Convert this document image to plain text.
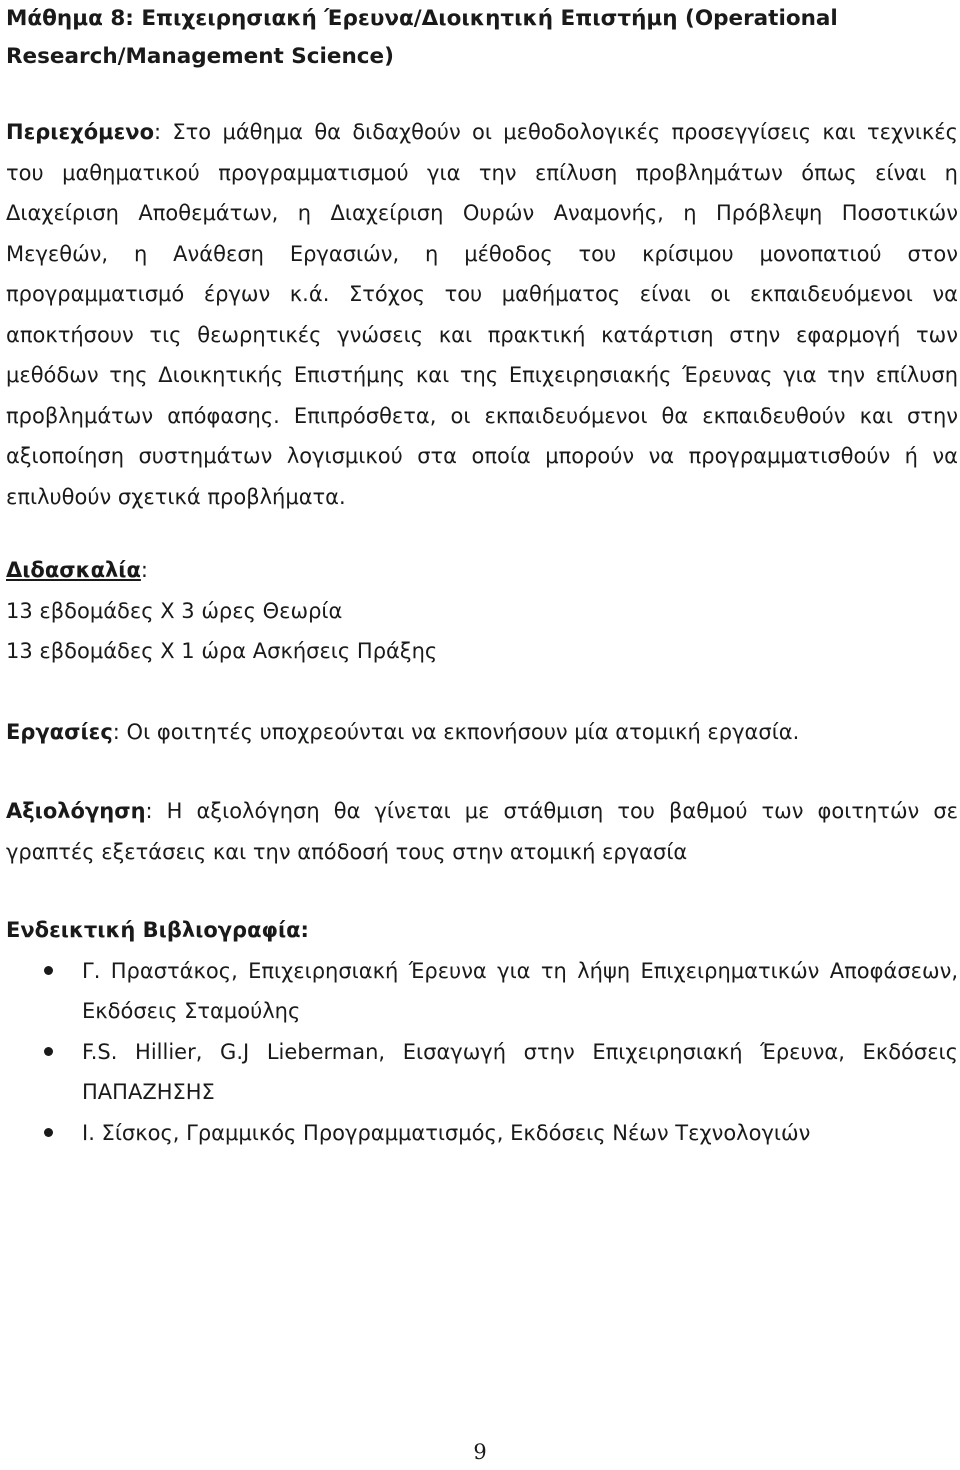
Μάθημα 8: Επιχειρησιακή Έρευνα/Διοικητική Επιστήμη (Operational Research/Management Science)
Περιεχόμενο: Στο μάθημα θα διδαχθούν οι μεθοδολογικές προσεγγίσεις και τεχνικές του μαθηματικού προγραμματισμού για την επίλυση προβλημάτων όπως είναι η Διαχείριση Αποθεμάτων, η Διαχείριση Ουρών Αναμονής, η Πρόβλεψη Ποσοτικών Μεγεθών, η Ανάθεση Εργασιών, η μέθοδος του κρίσιμου μονοπατιού στον προγραμματισμό έργων κ.ά. Στόχος του μαθήματος είναι οι εκπαιδευόμενοι να αποκτήσουν τις θεωρητικές γνώσεις και πρακτική κατάρτιση στην εφαρμογή των μεθόδων της Διοικητικής Επιστήμης και της Επιχειρησιακής Έρευνας για την επίλυση προβλημάτων απόφασης. Επιπρόσθετα, οι εκπαιδευόμενοι θα εκπαιδευθούν και στην αξιοποίηση συστημάτων λογισμικού στα οποία μπορούν να προγραμματισθούν ή να επιλυθούν σχετικά προβλήματα.
Διδασκαλία:
13 εβδομάδες Χ 3 ώρες Θεωρία
13 εβδομάδες Χ 1 ώρα Ασκήσεις Πράξης
Εργασίες: Οι φοιτητές υποχρεούνται να εκπονήσουν μία ατομική εργασία.
Αξιολόγηση: Η αξιολόγηση θα γίνεται με στάθμιση του βαθμού των φοιτητών σε γραπτές εξετάσεις και την απόδοσή τους στην ατομική εργασία
Ενδεικτική Βιβλιογραφία:
Γ. Πραστάκος, Επιχειρησιακή Έρευνα για τη λήψη Επιχειρηματικών Αποφάσεων, Εκδόσεις Σταμούλης
F.S. Hillier, G.J Lieberman, Εισαγωγή στην Επιχειρησιακή Έρευνα, Εκδόσεις ΠΑΠΑΖΗΣΗΣ
Ι. Σίσκος, Γραμμικός Προγραμματισμός, Εκδόσεις Νέων Τεχνολογιών
9
